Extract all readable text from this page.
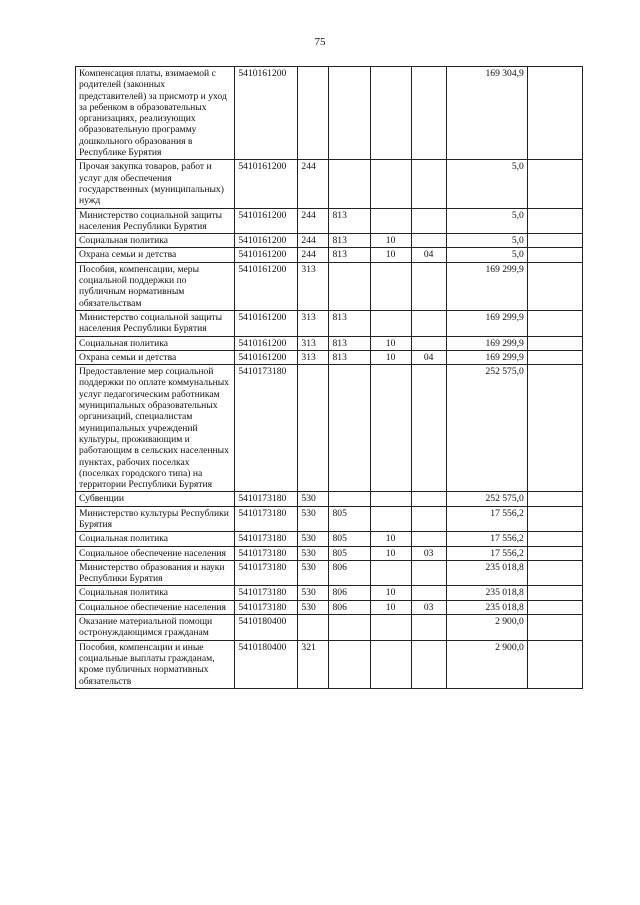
75
Компенсация платы, взимаемой с родителей (законных представителей) за присмотр и уход за ребенком в образовательных организациях, реализующих образовательную программу дошкольного образования в Республике Бурятия	5410161200					169 304,9	
Прочая закупка товаров, работ и услуг для обеспечения государственных (муниципальных) нужд	5410161200	244				5,0	
Министерство социальной защиты населения Республики Бурятия	5410161200	244	813			5,0	
Социальная политика	5410161200	244	813	10		5,0	
Охрана семьи и детства	5410161200	244	813	10	04	5,0	
Пособия, компенсации, меры социальной поддержки по публичным нормативным обязательствам	5410161200	313				169 299,9	
Министерство социальной защиты населения Республики Бурятия	5410161200	313	813			169 299,9	
Социальная политика	5410161200	313	813	10		169 299,9	
Охрана семьи и детства	5410161200	313	813	10	04	169 299,9	
Предоставление мер социальной поддержки по оплате коммунальных услуг педагогическим работникам муниципальных образовательных организаций, специалистам муниципальных учреждений культуры, проживающим и работающим в сельских населенных пунктах, рабочих поселках (поселках городского типа) на территории Республики Бурятия	5410173180					252 575,0	
Субвенции	5410173180	530				252 575,0	
Министерство культуры Республики Бурятия	5410173180	530	805			17 556,2	
Социальная политика	5410173180	530	805	10		17 556,2	
Социальное обеспечение населения	5410173180	530	805	10	03	17 556,2	
Министерство образования и науки Республики Бурятия	5410173180	530	806			235 018,8	
Социальная политика	5410173180	530	806	10		235 018,8	
Социальное обеспечение населения	5410173180	530	806	10	03	235 018,8	
Оказание материальной помощи остронуждающимся гражданам	5410180400					2 900,0	
Пособия, компенсации и иные социальные выплаты гражданам, кроме публичных нормативных обязательств	5410180400	321				2 900,0	
